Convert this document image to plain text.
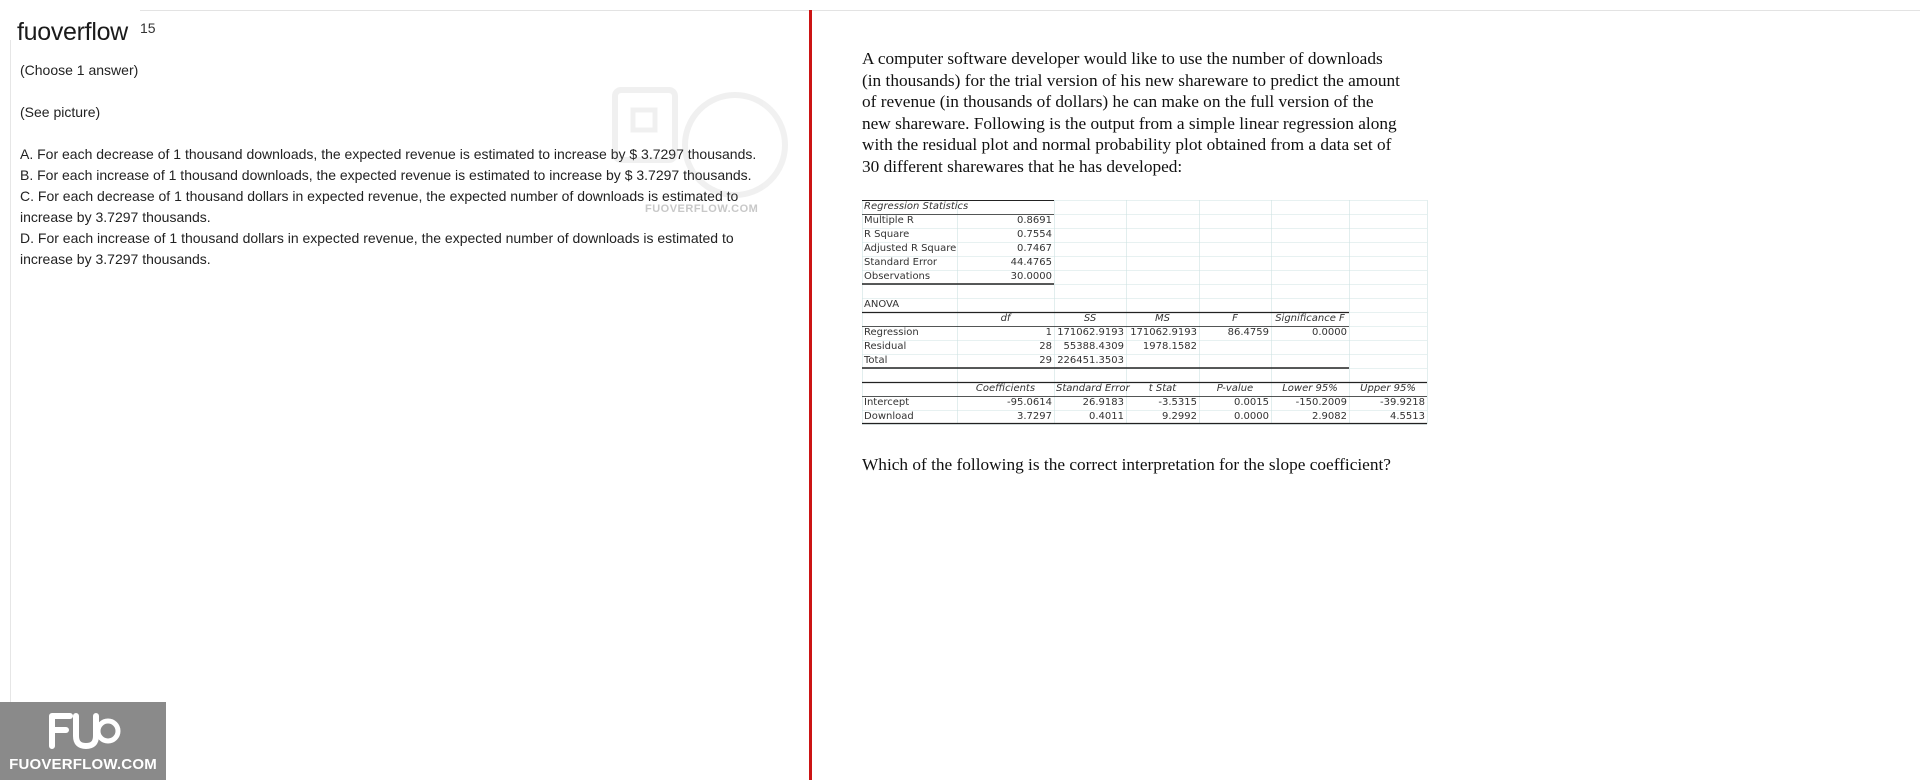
fuoverflow 15
(Choose 1 answer)
(See picture)
A. For each decrease of 1 thousand downloads, the expected revenue is estimated to increase by $ 3.7297 thousands.
B. For each increase of 1 thousand downloads, the expected revenue is estimated to increase by $ 3.7297 thousands.
C. For each decrease of 1 thousand dollars in expected revenue, the expected number of downloads is estimated to
increase by 3.7297 thousands.
D. For each increase of 1 thousand dollars in expected revenue, the expected number of downloads is estimated to
increase by 3.7297 thousands.
FUOVERFLOW.COM
A computer software developer would like to use the number of downloads
(in thousands) for the trial version of his new shareware to predict the amount
of revenue (in thousands of dollars) he can make on the full version of the
new shareware. Following is the output from a simple linear regression along
with the residual plot and normal probability plot obtained from a data set of
30 different sharewares that he has developed:
Regression Statistics
Multiple R	0.8691
R Square	0.7554
Adjusted R Square	0.7467
Standard Error	44.4765
Observations	30.0000
ANOVA
df	SS	MS	F	Significance F
Regression	1 171062.9193 171062.9193	86.4759	0.0000
Residual	28	55388.4309	1978.1582
Total	29 226451.3503
Coefficients	Standard Error	t Stat	P-value	Lower 95%	Upper 95%
Intercept	-95.0614	26.9183	-3.5315	0.0015	-150.2009	-39.9218
Download	3.7297	0.4011	9.2992	0.0000	2.9082	4.5513
Which of the following is the correct interpretation for the slope coefficient?
FUOVERFLOW.COM
